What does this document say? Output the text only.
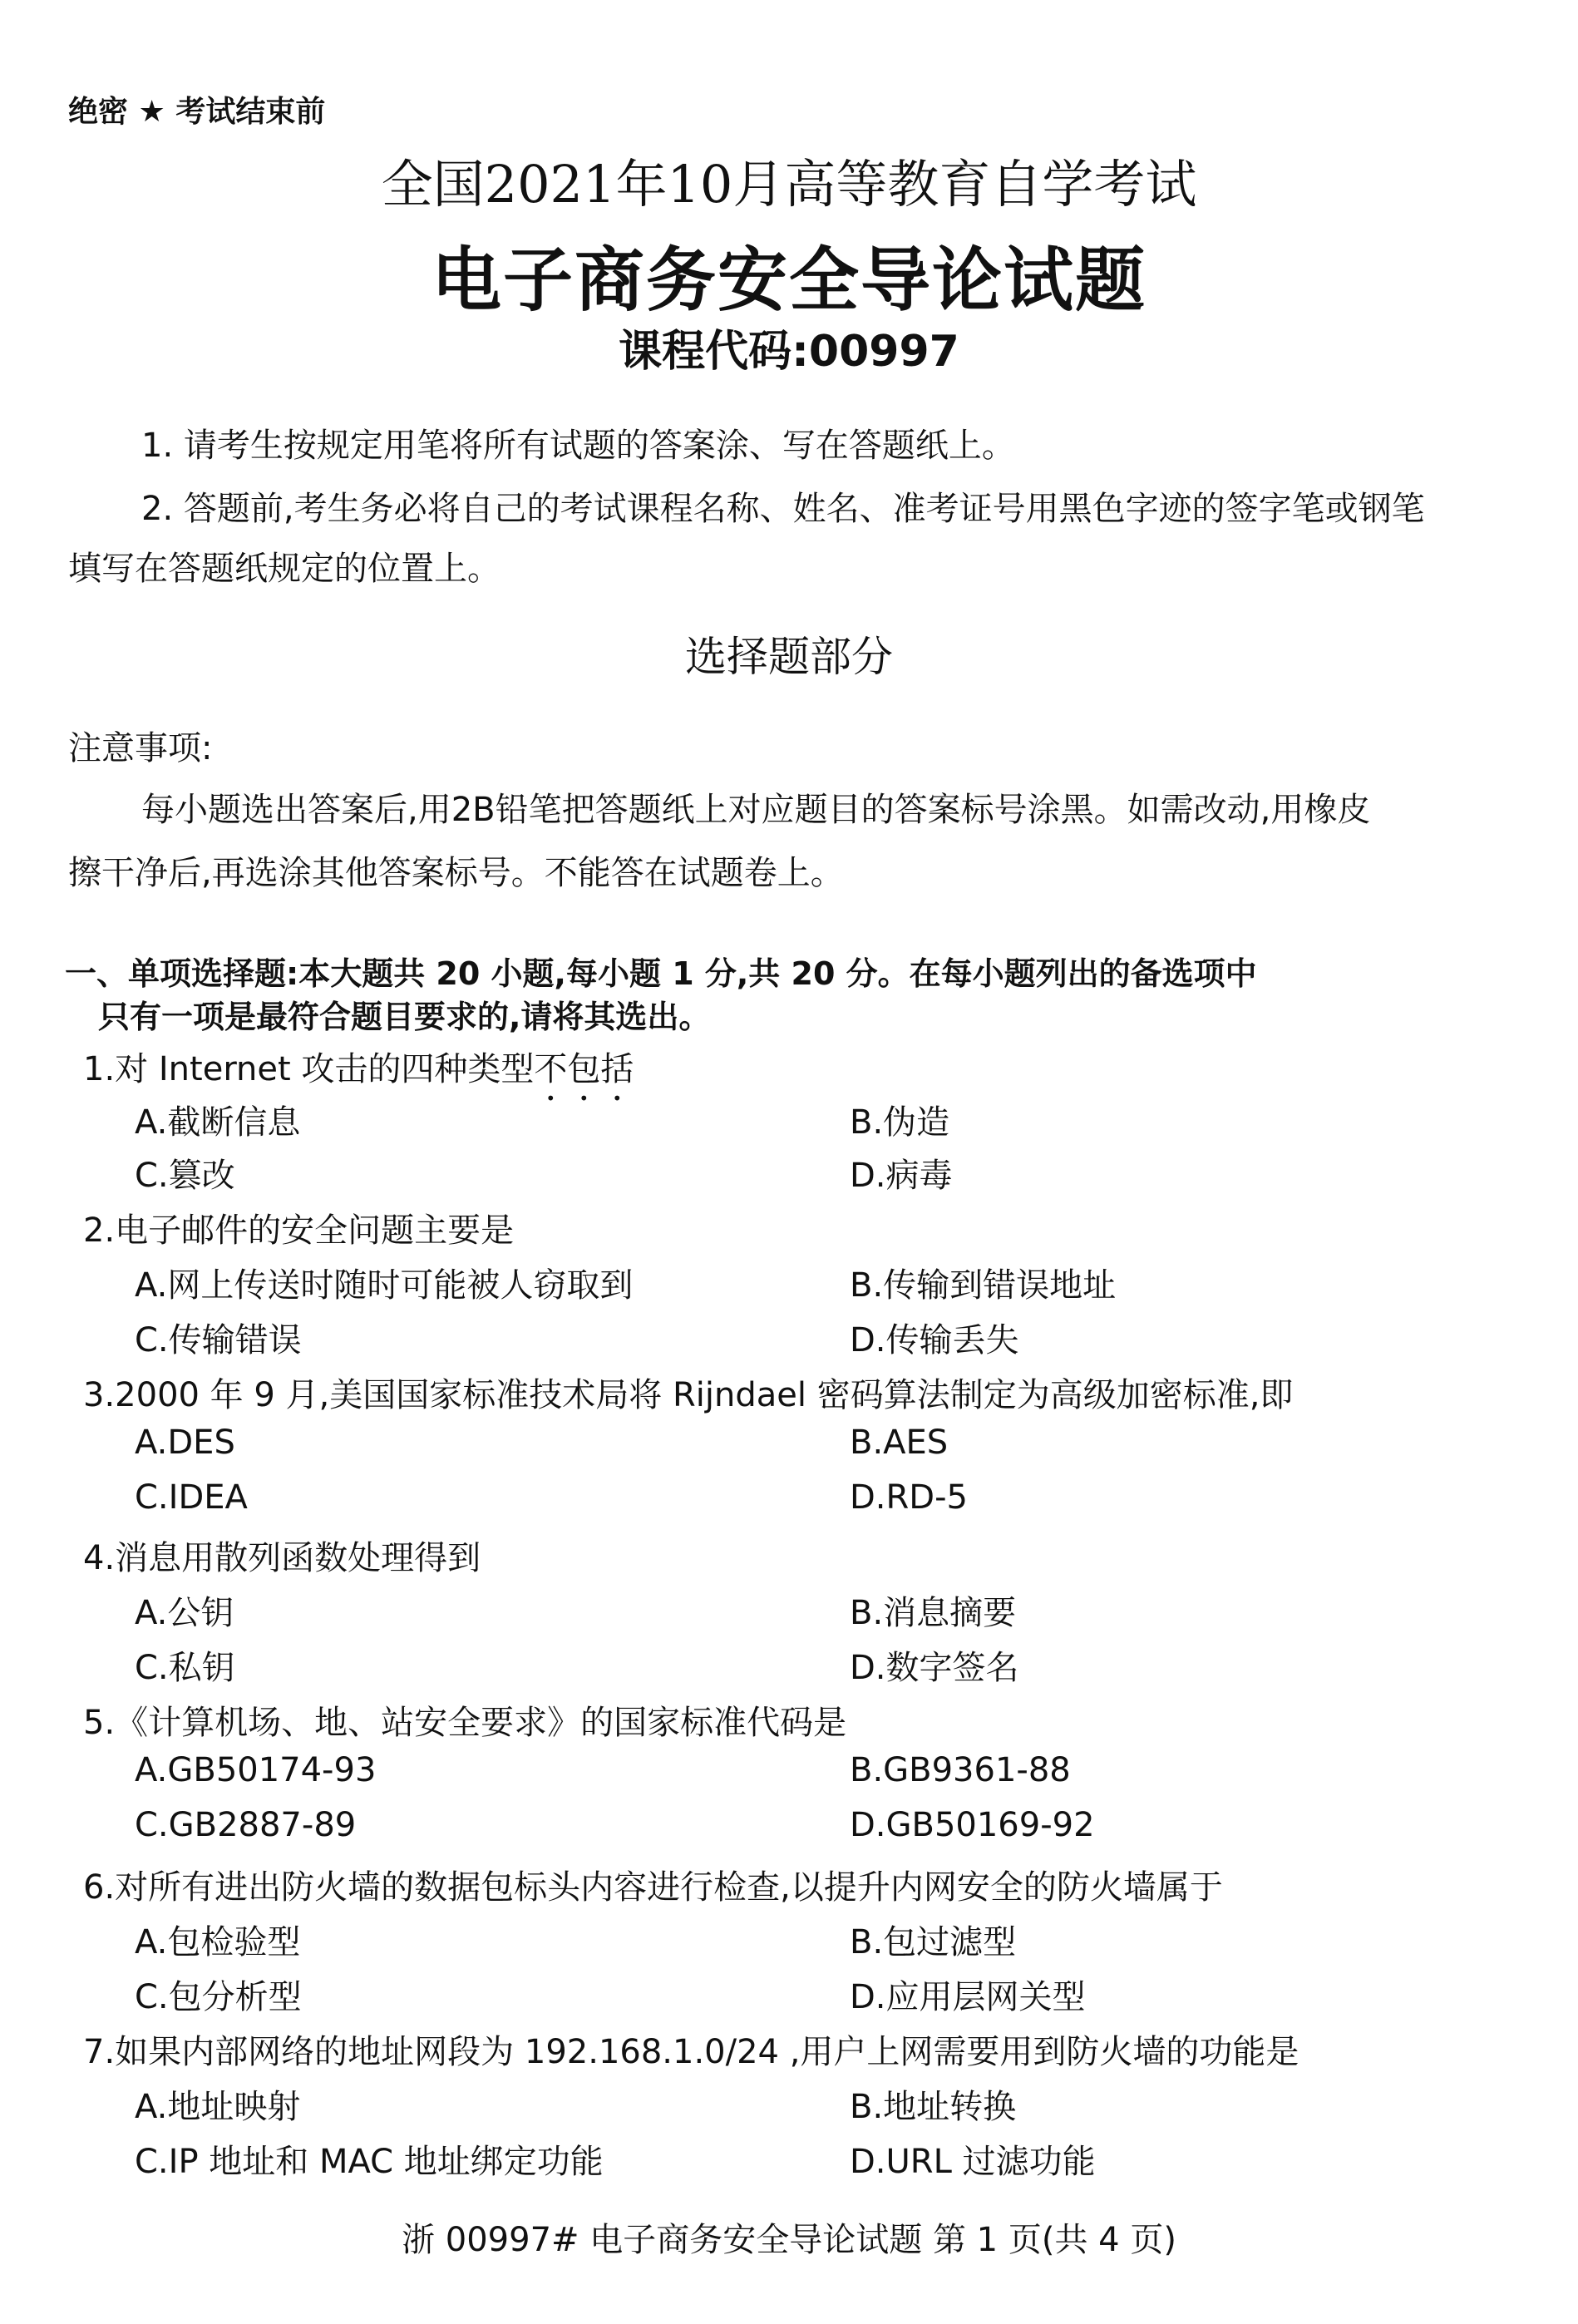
绝密 ★ 考试结束前
全国2021年10月高等教育自学考试
电子商务安全导论试题
课程代码:00997
1. 请考生按规定用笔将所有试题的答案涂、写在答题纸上。
2. 答题前,考生务必将自己的考试课程名称、姓名、准考证号用黑色字迹的签字笔或钢笔
填写在答题纸规定的位置上。
选择题部分
注意事项:
每小题选出答案后,用2B铅笔把答题纸上对应题目的答案标号涂黑。如需改动,用橡皮
擦干净后,再选涂其他答案标号。不能答在试题卷上。
一、单项选择题:本大题共 20 小题,每小题 1 分,共 20 分。在每小题列出的备选项中
只有一项是最符合题目要求的,请将其选出。
1.对 Internet 攻击的四种类型不包括
A.截断信息	B.伪造
C.篡改	D.病毒
2.电子邮件的安全问题主要是
A.网上传送时随时可能被人窃取到	B.传输到错误地址
C.传输错误	D.传输丢失
3.2000 年 9 月,美国国家标准技术局将 Rijndael 密码算法制定为高级加密标准,即
A.DES	B.AES
C.IDEA	D.RD-5
4.消息用散列函数处理得到
A.公钥	B.消息摘要
C.私钥	D.数字签名
5.《计算机场、地、站安全要求》的国家标准代码是
A.GB50174-93	B.GB9361-88
C.GB2887-89	D.GB50169-92
6.对所有进出防火墙的数据包标头内容进行检查,以提升内网安全的防火墙属于
A.包检验型	B.包过滤型
C.包分析型	D.应用层网关型
7.如果内部网络的地址网段为 192.168.1.0/24 ,用户上网需要用到防火墙的功能是
A.地址映射	B.地址转换
C.IP 地址和 MAC 地址绑定功能	D.URL 过滤功能
浙 00997# 电子商务安全导论试题 第 1 页(共 4 页)
